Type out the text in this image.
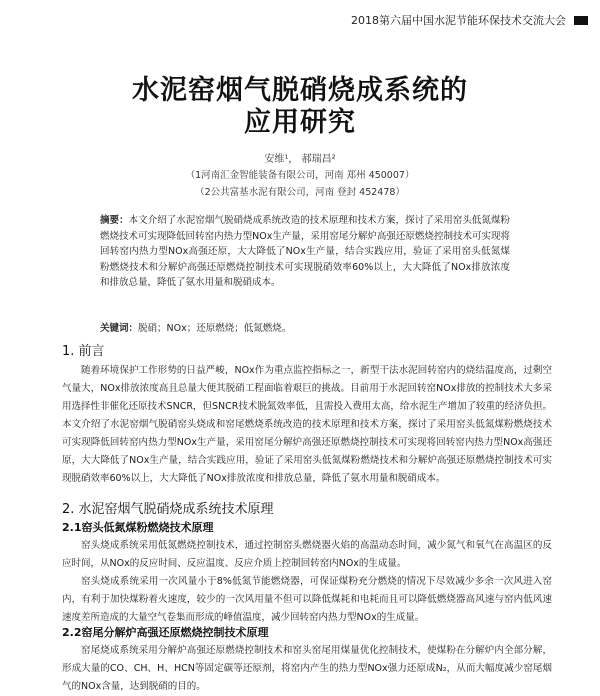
2018第六届中国水泥节能环保技术交流大会
水泥窑烟气脱硝烧成系统的
应用研究
安维¹， 郝瑞昌²
（1河南汇金智能装备有限公司，河南 郑州 450007）
（2公共富基水泥有限公司，河南 登封 452478）
摘要：本文介绍了水泥窑烟气脱硝烧成系统改造的技术原理和技术方案，探讨了采用窑头低氮煤粉燃烧技术可实现降低回转窑内热力型NOx生产量，采用窑尾分解炉高强还原燃烧控制技术可实现将回转窑内热力型NOx高强还原，大大降低了NOx生产量，结合实践应用，验证了采用窑头低氮煤粉燃烧技术和分解炉高强还原燃烧控制技术可实现脱硝效率60%以上，大大降低了NOx排放浓度和排放总量，降低了氨水用量和脱硝成本。
关键词：脱硝；NOx；还原燃烧；低氮燃烧。
1. 前言
随着环境保护工作形势的日益严峻，NOx作为重点监控指标之一，新型干法水泥回转窑内的烧结温度高，过剩空气量大，NOx排放浓度高且总量大便其脱硝工程面临着艰巨的挑战。目前用于水泥回转窑NOx排放的控制技术大多采用选择性非催化还原技术SNCR，但SNCR技术脱氮效率低，且需投入费用太高，给水泥生产增加了较重的经济负担。本文介绍了水泥窑烟气脱硝窑头烧成和窑尾燃烧系统改造的技术原理和技术方案，探讨了采用窑头低氮煤粉燃烧技术可实现降低回转窑内热力型NOx生产量，采用窑尾分解炉高强还原燃烧控制技术可实现将回转窑内热力型NOx高强还原，大大降低了NOx生产量，结合实践应用，验证了采用窑头低氮煤粉燃烧技术和分解炉高强还原燃烧控制技术可实现脱硝效率60%以上，大大降低了NOx排放浓度和排放总量，降低了氨水用量和脱硝成本。
2. 水泥窑烟气脱硝烧成系统技术原理
2.1窑头低氮煤粉燃烧技术原理
窑头烧成系统采用低氮燃烧控制技术，通过控制窑头燃烧器火焰的高温动态时间，减少氮气和氧气在高温区的反应时间，从NOx的反应时间、反应温度、反应介质上控制回转窑内NOx的生成量。
窑头烧成系统采用一次风量小于8%低氮节能燃烧器，可保证煤粉充分燃烧的情况下尽效减少多余一次风进入窑内，有利于加快煤粉着火速度，较少的一次风用量不但可以降低煤耗和电耗而且可以降低燃烧器高风速与窑内低风速速度差所造成的大量空气卷集而形成的峰值温度，减少回转窑内热力型NOx的生成量。
2.2窑尾分解炉高强还原燃烧控制技术原理
窑尾烧成系统采用分解炉高强还原燃烧控制技术和窑头窑尾用煤量优化控制技术，使煤粉在分解炉内全部分解，形成大量的CO、CH、H、HCN等固定碳等还原剂，将窑内产生的热力型NOx强力还原成N₂，从而大幅度减少窑尾烟气的NOx含量，达到脱硝的目的。
